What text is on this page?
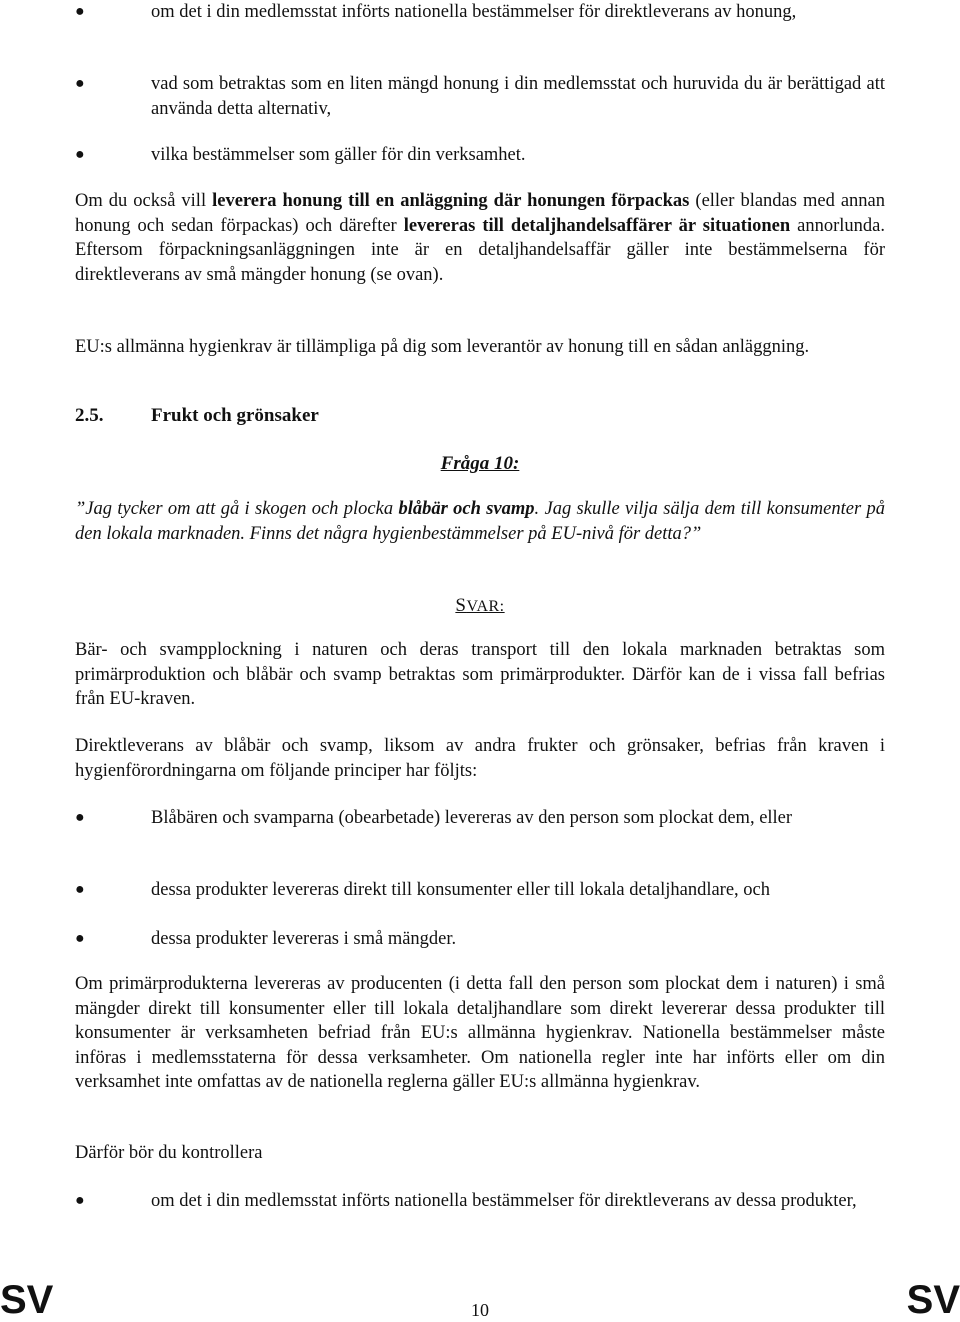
●	om det i din medlemsstat införts nationella bestämmelser för direktleverans av honung,
●	vad som betraktas som en liten mängd honung i din medlemsstat och huruvida du är berättigad att använda detta alternativ,
●	vilka bestämmelser som gäller för din verksamhet.

Om du också vill leverera honung till en anläggning där honungen förpackas (eller blandas med annan honung och sedan förpackas) och därefter levereras till detaljhandelsaffärer är situationen annorlunda. Eftersom förpackningsanläggningen inte är en detaljhandelsaffär gäller inte bestämmelserna för direktleverans av små mängder honung (se ovan).

EU:s allmänna hygienkrav är tillämpliga på dig som leverantör av honung till en sådan anläggning.

2.5.	Frukt och grönsaker
Fråga 10:

”Jag tycker om att gå i skogen och plocka blåbär och svamp. Jag skulle vilja sälja dem till konsumenter på den lokala marknaden. Finns det några hygienbestämmelser på EU-nivå för detta?”

SVAR:

Bär- och svampplockning i naturen och deras transport till den lokala marknaden betraktas som primärproduktion och blåbär och svamp betraktas som primärprodukter. Därför kan de i vissa fall befrias från EU-kraven.

Direktleverans av blåbär och svamp, liksom av andra frukter och grönsaker, befrias från kraven i hygienförordningarna om följande principer har följts:

●	Blåbären och svamparna (obearbetade) levereras av den person som plockat dem, eller
●	dessa produkter levereras direkt till konsumenter eller till lokala detaljhandlare, och
●	dessa produkter levereras i små mängder.

Om primärprodukterna levereras av producenten (i detta fall den person som plockat dem i naturen) i små mängder direkt till konsumenter eller till lokala detaljhandlare som direkt levererar dessa produkter till konsumenter är verksamheten befriad från EU:s allmänna hygienkrav. Nationella bestämmelser måste införas i medlemsstaterna för dessa verksamheter. Om nationella regler inte har införts eller om din verksamhet inte omfattas av de nationella reglerna gäller EU:s allmänna hygienkrav.

Därför bör du kontrollera

●	om det i din medlemsstat införts nationella bestämmelser för direktleverans av dessa produkter,
SV	10	SV
